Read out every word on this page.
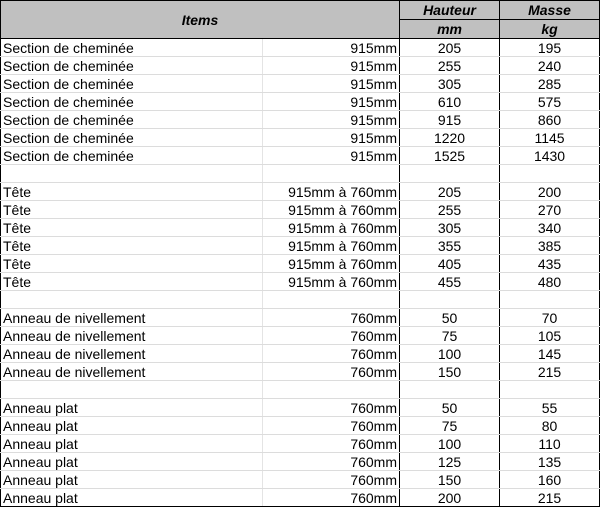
Items		Hauteur	Masse
		mm	kg
Section de cheminée	915mm	205	195
Section de cheminée	915mm	255	240
Section de cheminée	915mm	305	285
Section de cheminée	915mm	610	575
Section de cheminée	915mm	915	860
Section de cheminée	915mm	1220	1145
Section de cheminée	915mm	1525	1430

Tête	915mm à 760mm	205	200
Tête	915mm à 760mm	255	270
Tête	915mm à 760mm	305	340
Tête	915mm à 760mm	355	385
Tête	915mm à 760mm	405	435
Tête	915mm à 760mm	455	480

Anneau de nivellement	760mm	50	70
Anneau de nivellement	760mm	75	105
Anneau de nivellement	760mm	100	145
Anneau de nivellement	760mm	150	215

Anneau plat	760mm	50	55
Anneau plat	760mm	75	80
Anneau plat	760mm	100	110
Anneau plat	760mm	125	135
Anneau plat	760mm	150	160
Anneau plat	760mm	200	215
